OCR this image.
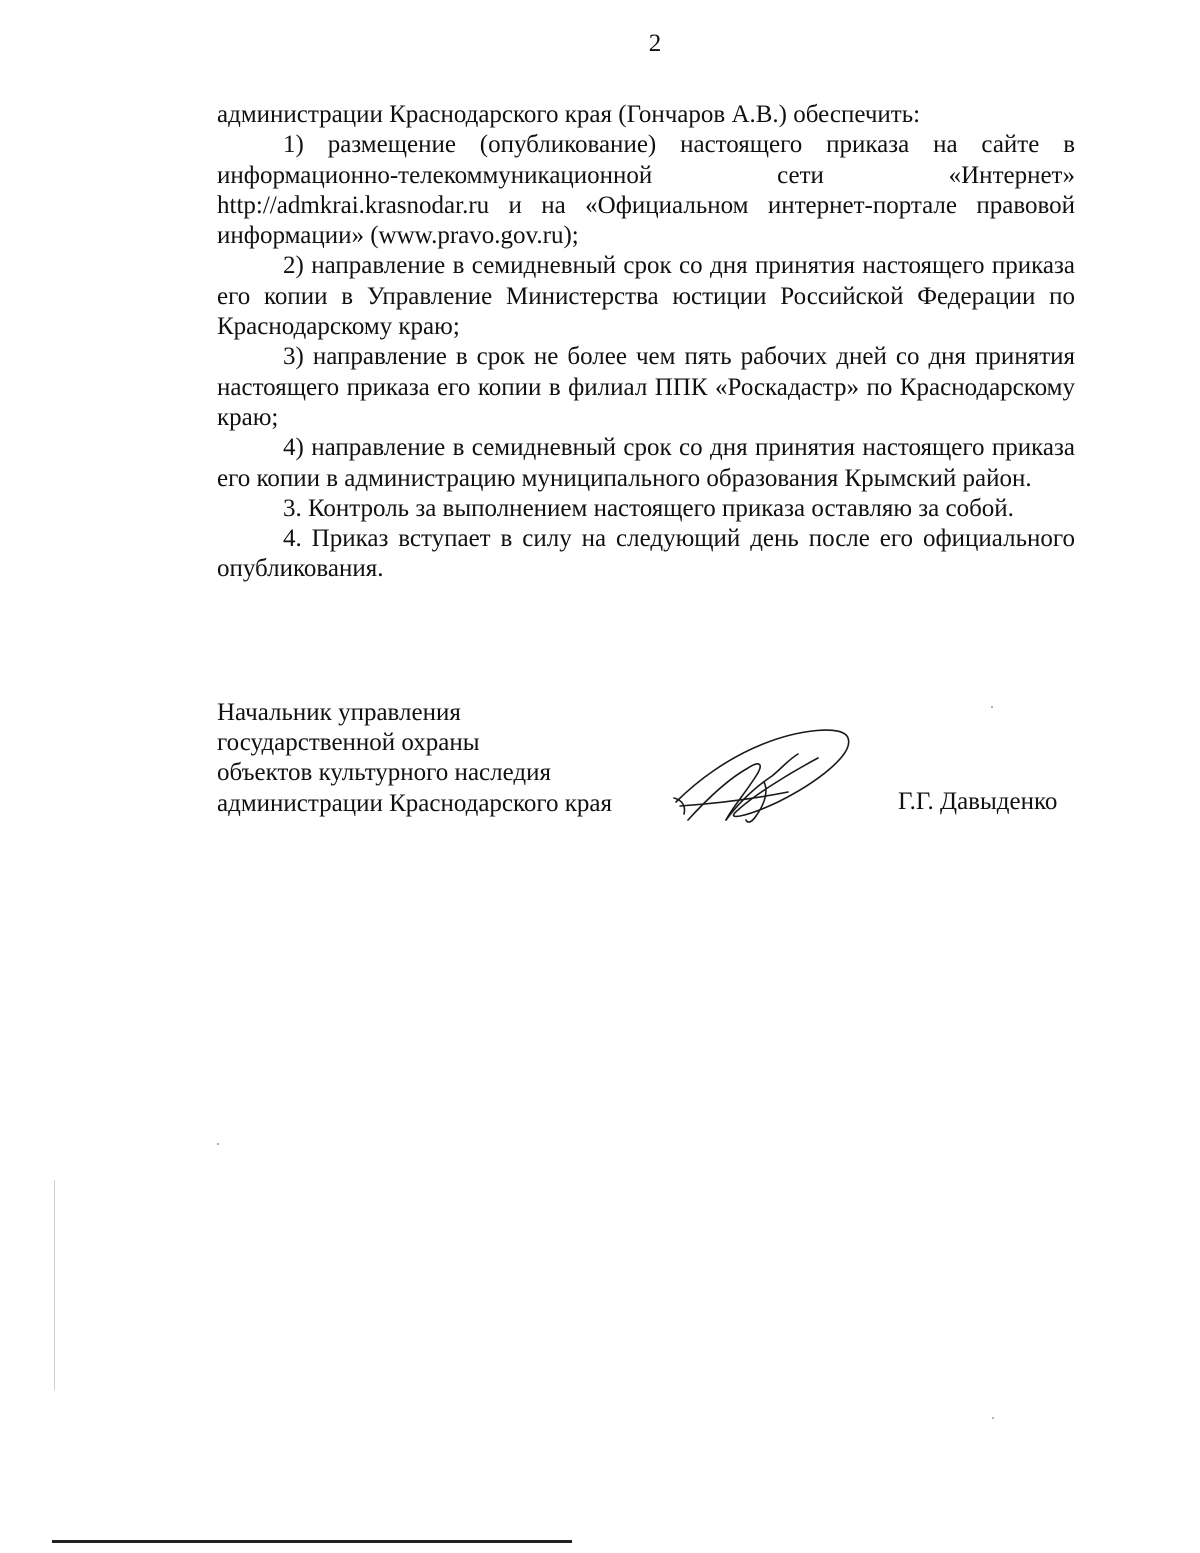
2

администрации Краснодарского края (Гончаров А.В.) обеспечить:

1) размещение (опубликование) настоящего приказа на сайте в информационно-телекоммуникационной сети «Интернет» http://admkrai.krasnodar.ru и на «Официальном интернет-портале правовой информации» (www.pravo.gov.ru);

2) направление в семидневный срок со дня принятия настоящего приказа его копии в Управление Министерства юстиции Российской Федерации по Краснодарскому краю;

3) направление в срок не более чем пять рабочих дней со дня принятия настоящего приказа его копии в филиал ППК «Роскадастр» по Краснодарскому краю;

4) направление в семидневный срок со дня принятия настоящего приказа его копии в администрацию муниципального образования Крымский район.

3. Контроль за выполнением настоящего приказа оставляю за собой.

4. Приказ вступает в силу на следующий день после его официального опубликования.

Начальник управления
государственной охраны
объектов культурного наследия
администрации Краснодарского края	Г.Г. Давыденко
